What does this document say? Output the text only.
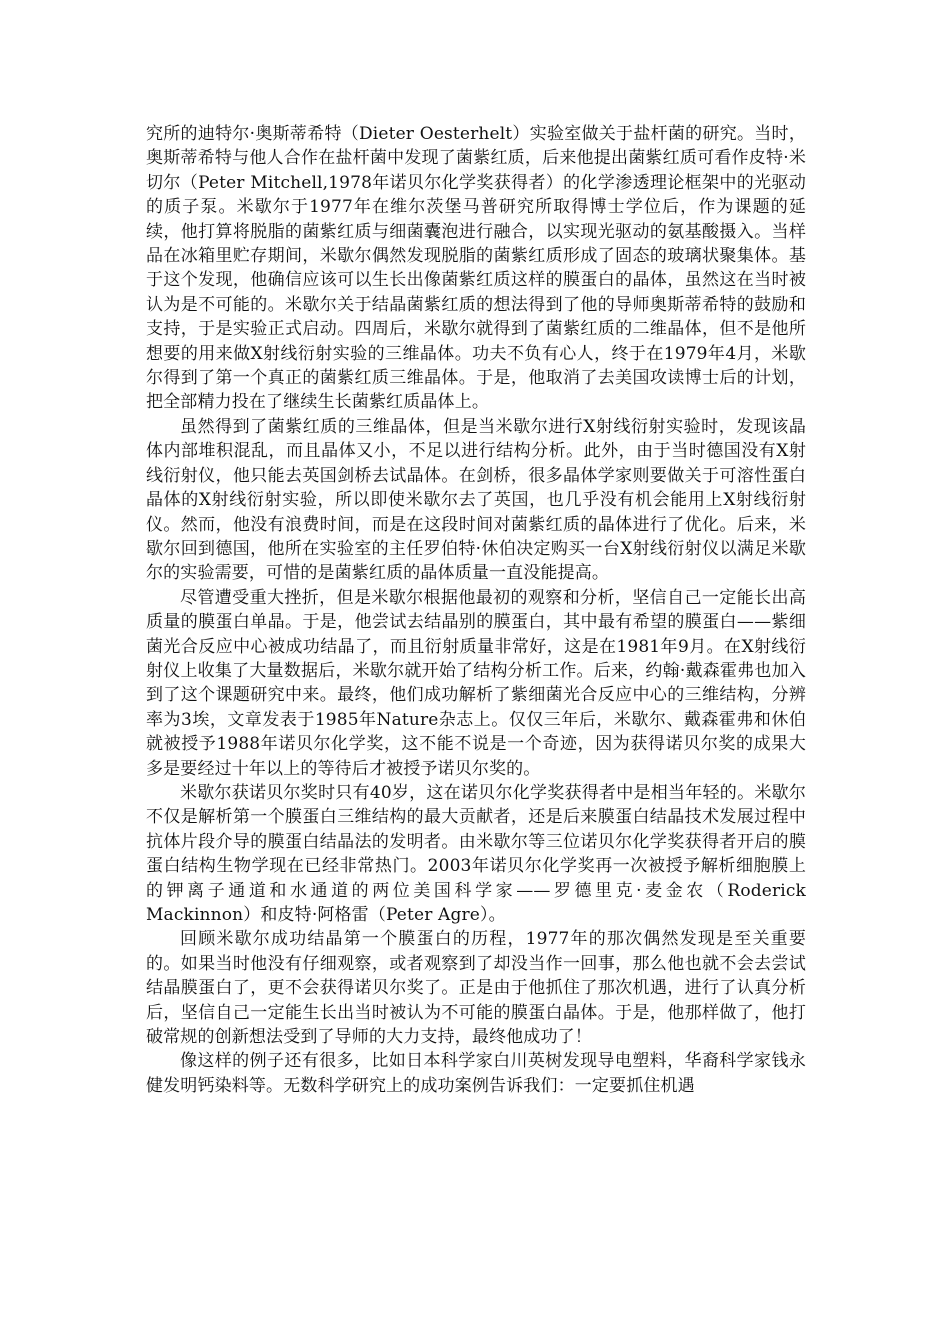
究所的迪特尔·奥斯蒂希特（Dieter Oesterhelt）实验室做关于盐杆菌的研究。当时，奥斯蒂希特与他人合作在盐杆菌中发现了菌紫红质，后来他提出菌紫红质可看作皮特·米切尔（Peter Mitchell,1978年诺贝尔化学奖获得者）的化学渗透理论框架中的光驱动的质子泵。米歇尔于1977年在维尔茨堡马普研究所取得博士学位后，作为课题的延续，他打算将脱脂的菌紫红质与细菌囊泡进行融合，以实现光驱动的氨基酸摄入。当样品在冰箱里贮存期间，米歇尔偶然发现脱脂的菌紫红质形成了固态的玻璃状聚集体。基于这个发现，他确信应该可以生长出像菌紫红质这样的膜蛋白的晶体，虽然这在当时被认为是不可能的。米歇尔关于结晶菌紫红质的想法得到了他的导师奥斯蒂希特的鼓励和支持，于是实验正式启动。四周后，米歇尔就得到了菌紫红质的二维晶体，但不是他所想要的用来做X射线衍射实验的三维晶体。功夫不负有心人，终于在1979年4月，米歇尔得到了第一个真正的菌紫红质三维晶体。于是，他取消了去美国攻读博士后的计划，把全部精力投在了继续生长菌紫红质晶体上。

虽然得到了菌紫红质的三维晶体，但是当米歇尔进行X射线衍射实验时，发现该晶体内部堆积混乱，而且晶体又小，不足以进行结构分析。此外，由于当时德国没有X射线衍射仪，他只能去英国剑桥去试晶体。在剑桥，很多晶体学家则要做关于可溶性蛋白晶体的X射线衍射实验，所以即使米歇尔去了英国，也几乎没有机会能用上X射线衍射仪。然而，他没有浪费时间，而是在这段时间对菌紫红质的晶体进行了优化。后来，米歇尔回到德国，他所在实验室的主任罗伯特·休伯决定购买一台X射线衍射仪以满足米歇尔的实验需要，可惜的是菌紫红质的晶体质量一直没能提高。

尽管遭受重大挫折，但是米歇尔根据他最初的观察和分析，坚信自己一定能长出高质量的膜蛋白单晶。于是，他尝试去结晶别的膜蛋白，其中最有希望的膜蛋白——紫细菌光合反应中心被成功结晶了，而且衍射质量非常好，这是在1981年9月。在X射线衍射仪上收集了大量数据后，米歇尔就开始了结构分析工作。后来，约翰·戴森霍弗也加入到了这个课题研究中来。最终，他们成功解析了紫细菌光合反应中心的三维结构，分辨率为3埃，文章发表于1985年Nature杂志上。仅仅三年后，米歇尔、戴森霍弗和休伯就被授予1988年诺贝尔化学奖，这不能不说是一个奇迹，因为获得诺贝尔奖的成果大多是要经过十年以上的等待后才被授予诺贝尔奖的。

米歇尔获诺贝尔奖时只有40岁，这在诺贝尔化学奖获得者中是相当年轻的。米歇尔不仅是解析第一个膜蛋白三维结构的最大贡献者，还是后来膜蛋白结晶技术发展过程中抗体片段介导的膜蛋白结晶法的发明者。由米歇尔等三位诺贝尔化学奖获得者开启的膜蛋白结构生物学现在已经非常热门。2003年诺贝尔化学奖再一次被授予解析细胞膜上的钾离子通道和水通道的两位美国科学家——罗德里克·麦金农（Roderick Mackinnon）和皮特·阿格雷（Peter Agre）。

回顾米歇尔成功结晶第一个膜蛋白的历程，1977年的那次偶然发现是至关重要的。如果当时他没有仔细观察，或者观察到了却没当作一回事，那么他也就不会去尝试结晶膜蛋白了，更不会获得诺贝尔奖了。正是由于他抓住了那次机遇，进行了认真分析后，坚信自己一定能生长出当时被认为不可能的膜蛋白晶体。于是，他那样做了，他打破常规的创新想法受到了导师的大力支持，最终他成功了！

像这样的例子还有很多，比如日本科学家白川英树发现导电塑料，华裔科学家钱永健发明钙染料等。无数科学研究上的成功案例告诉我们：一定要抓住机遇
